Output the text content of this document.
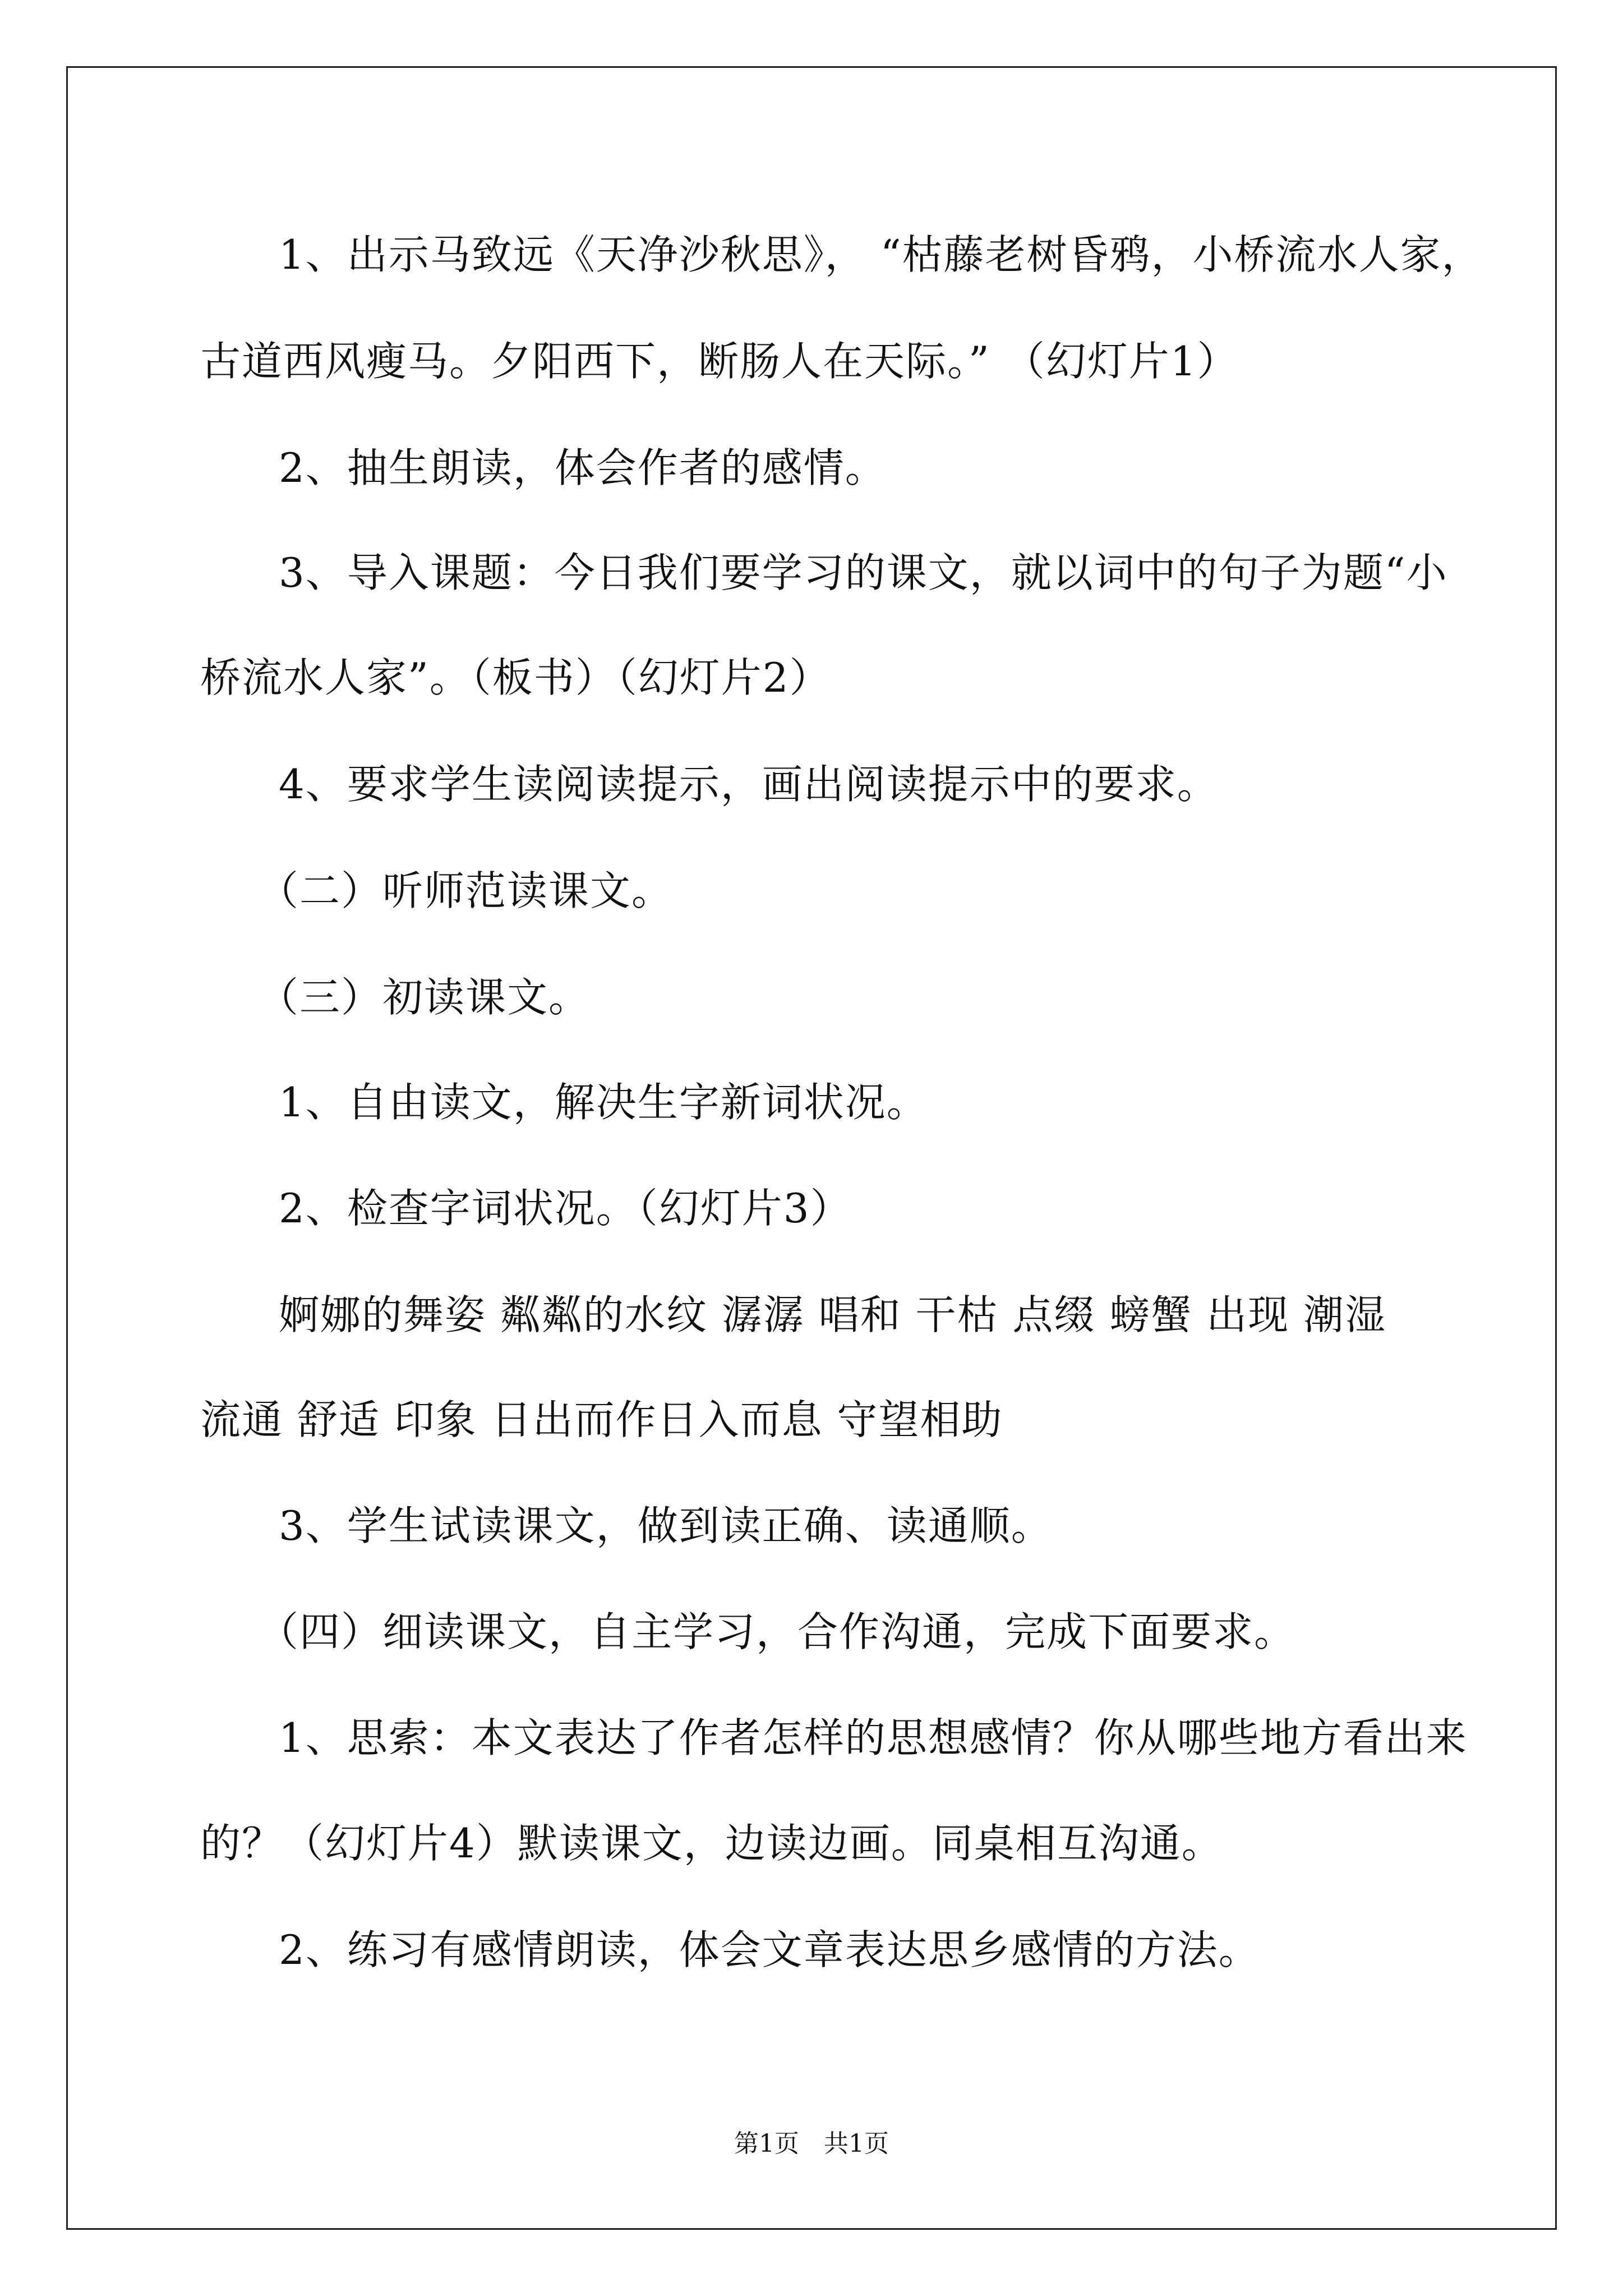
1、出示马致远《天净沙秋思》， “枯藤老树昏鸦，小桥流水人家，
古道西风瘦马。夕阳西下，断肠人在天际。” （幻灯片1）
2、抽生朗读，体会作者的感情。
3、导入课题：今日我们要学习的课文，就以词中的句子为题“小
桥流水人家”。（板书）（幻灯片2）
4、要求学生读阅读提示，画出阅读提示中的要求。
（二）听师范读课文。
（三）初读课文。
1、自由读文，解决生字新词状况。
2、检查字词状况。（幻灯片3）
婀娜的舞姿 粼粼的水纹 潺潺 唱和 干枯 点缀 螃蟹 出现 潮湿
流通 舒适 印象 日出而作日入而息 守望相助
3、学生试读课文，做到读正确、读通顺。
（四）细读课文，自主学习，合作沟通，完成下面要求。
1、思索：本文表达了作者怎样的思想感情？你从哪些地方看出来
的？（幻灯片4）默读课文，边读边画。同桌相互沟通。
2、练习有感情朗读，体会文章表达思乡感情的方法。
第1页　共1页
